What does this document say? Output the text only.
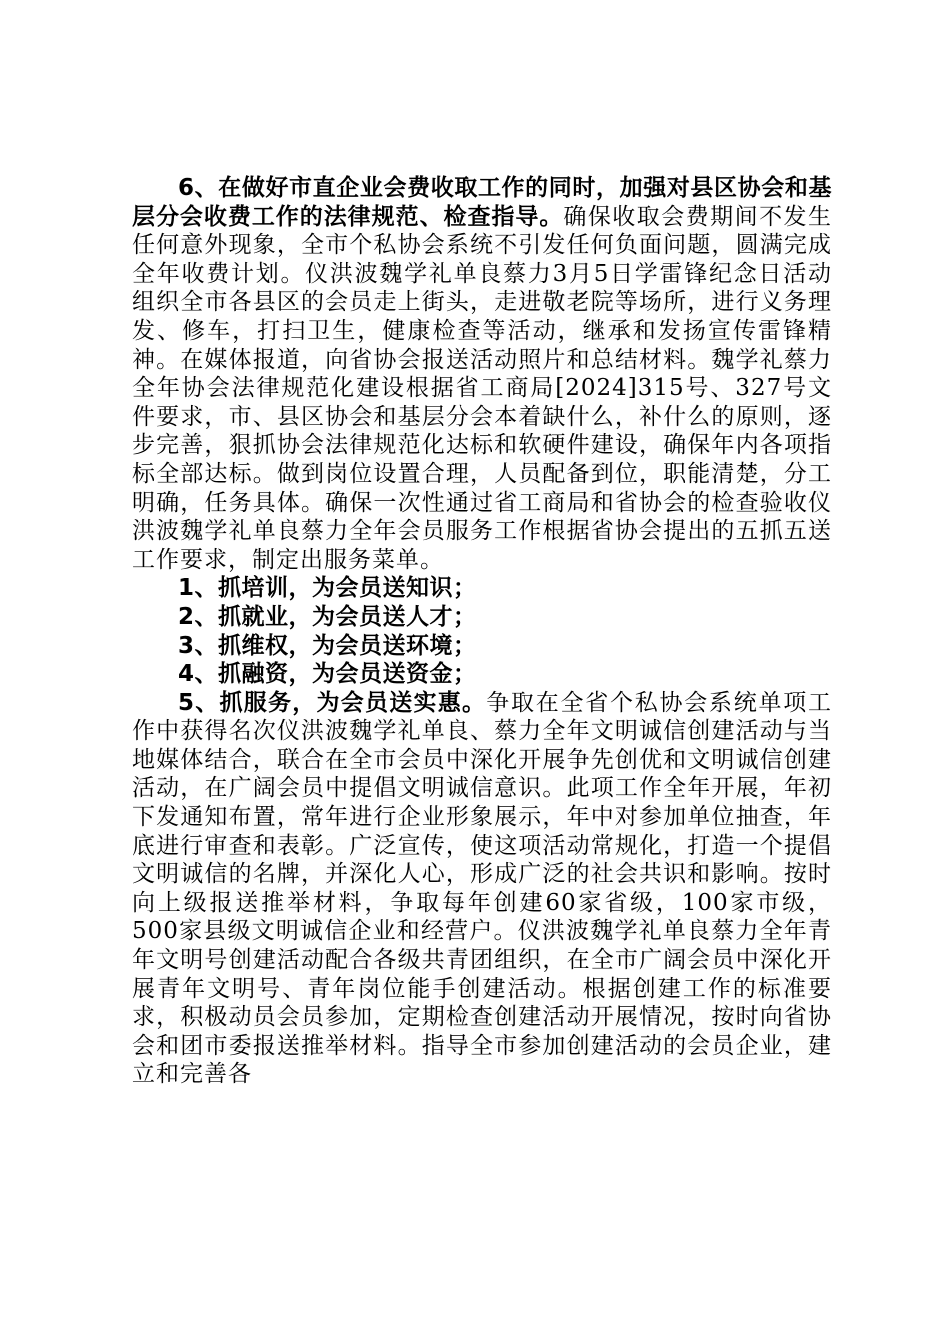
6、在做好市直企业会费收取工作的同时，加强对县区协会和基层分会收费工作的法律规范、检查指导。确保收取会费期间不发生任何意外现象，全市个私协会系统不引发任何负面问题，圆满完成全年收费计划。仪洪波魏学礼单良蔡力3月5日学雷锋纪念日活动组织全市各县区的会员走上街头，走进敬老院等场所，进行义务理发、修车，打扫卫生，健康检查等活动，继承和发扬宣传雷锋精神。在媒体报道，向省协会报送活动照片和总结材料。魏学礼蔡力全年协会法律规范化建设根据省工商局[2024]315号、327号文件要求，市、县区协会和基层分会本着缺什么，补什么的原则，逐步完善，狠抓协会法律规范化达标和软硬件建设，确保年内各项指标全部达标。做到岗位设置合理，人员配备到位，职能清楚，分工明确，任务具体。确保一次性通过省工商局和省协会的检查验收仪洪波魏学礼单良蔡力全年会员服务工作根据省协会提出的五抓五送工作要求，制定出服务菜单。

1、抓培训，为会员送知识；

2、抓就业，为会员送人才；

3、抓维权，为会员送环境；

4、抓融资，为会员送资金；

5、抓服务，为会员送实惠。争取在全省个私协会系统单项工作中获得名次仪洪波魏学礼单良、蔡力全年文明诚信创建活动与当地媒体结合，联合在全市会员中深化开展争先创优和文明诚信创建活动，在广阔会员中提倡文明诚信意识。此项工作全年开展，年初下发通知布置，常年进行企业形象展示，年中对参加单位抽查，年底进行审查和表彰。广泛宣传，使这项活动常规化，打造一个提倡文明诚信的名牌，并深化人心，形成广泛的社会共识和影响。按时向上级报送推举材料，争取每年创建60家省级，100家市级，500家县级文明诚信企业和经营户。仪洪波魏学礼单良蔡力全年青年文明号创建活动配合各级共青团组织，在全市广阔会员中深化开展青年文明号、青年岗位能手创建活动。根据创建工作的标准要求，积极动员会员参加，定期检查创建活动开展情况，按时向省协会和团市委报送推举材料。指导全市参加创建活动的会员企业，建立和完善各
